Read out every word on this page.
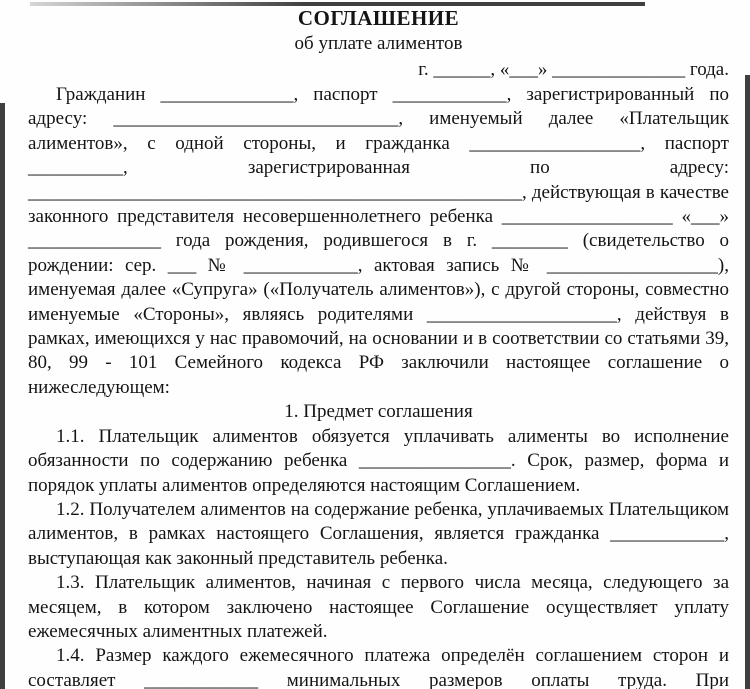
СОГЛАШЕНИЕ

об уплате алиментов

г. ______, «___» ______________ года.

Гражданин ______________, паспорт ____________, зарегистрированный по адресу: ______________________________, именуемый далее «Плательщик алиментов», с одной стороны, и гражданка __________________, паспорт __________, зарегистрированная по адресу: ____________________________________________________, действующая в качестве законного представителя несовершеннолетнего ребенка __________________ «___» ______________ года рождения, родившегося в г. ________ (свидетельство о рождении: сер. ___ № ____________, актовая запись № __________________), именуемая далее «Супруга» («Получатель алиментов»), с другой стороны, совместно именуемые «Стороны», являясь родителями ____________________, действуя в рамках, имеющихся у нас правомочий, на основании и в соответствии со статьями 39, 80, 99 - 101 Семейного кодекса РФ заключили настоящее соглашение о нижеследующем:

1. Предмет соглашения

1.1. Плательщик алиментов обязуется уплачивать алименты во исполнение обязанности по содержанию ребенка ________________. Срок, размер, форма и порядок уплаты алиментов определяются настоящим Соглашением.

1.2. Получателем алиментов на содержание ребенка, уплачиваемых Плательщиком алиментов, в рамках настоящего Соглашения, является гражданка ____________, выступающая как законный представитель ребенка.

1.3. Плательщик алиментов, начиная с первого числа месяца, следующего за месяцем, в котором заключено настоящее Соглашение осуществляет уплату ежемесячных алиментных платежей.

1.4. Размер каждого ежемесячного платежа определён соглашением сторон и составляет ____________ минимальных размеров оплаты труда. При
